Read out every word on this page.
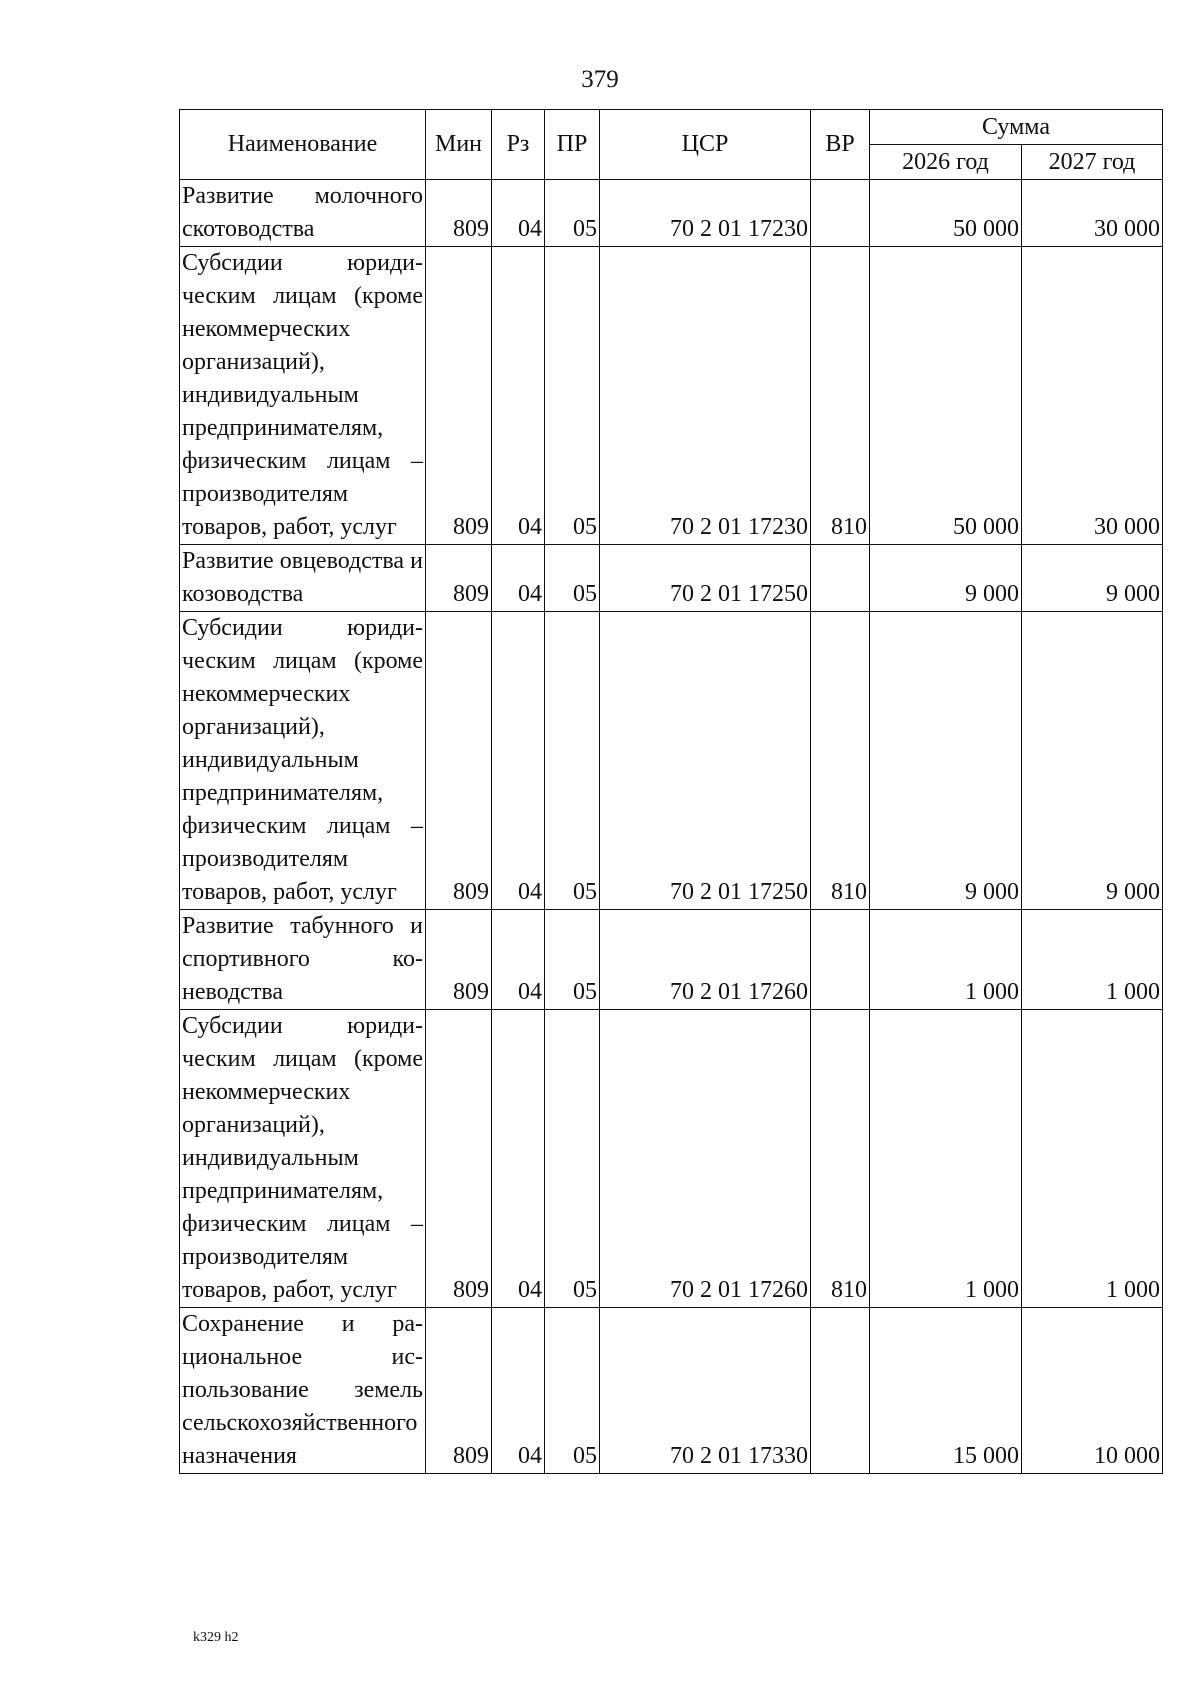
379
Наименование	Мин	Рз	ПР	ЦСР	ВР	Сумма	
						2026 год	2027 год
Развитие молочного скотоводства	809	04	05	70 2 01 17230		50 000	30 000
Субсидии юридическим лицам (кроме некоммерческих организаций), индивидуальным предпринимателям, физическим лицам – производителям товаров, работ, услуг	809	04	05	70 2 01 17230	810	50 000	30 000
Развитие овцеводства и козоводства	809	04	05	70 2 01 17250		9 000	9 000
Субсидии юридическим лицам (кроме некоммерческих организаций), индивидуальным предпринимателям, физическим лицам – производителям товаров, работ, услуг	809	04	05	70 2 01 17250	810	9 000	9 000
Развитие табунного и спортивного коневодства	809	04	05	70 2 01 17260		1 000	1 000
Субсидии юридическим лицам (кроме некоммерческих организаций), индивидуальным предпринимателям, физическим лицам – производителям товаров, работ, услуг	809	04	05	70 2 01 17260	810	1 000	1 000
Сохранение и рациональное использование земель сельскохозяйственного назначения	809	04	05	70 2 01 17330		15 000	10 000
k329 h2
